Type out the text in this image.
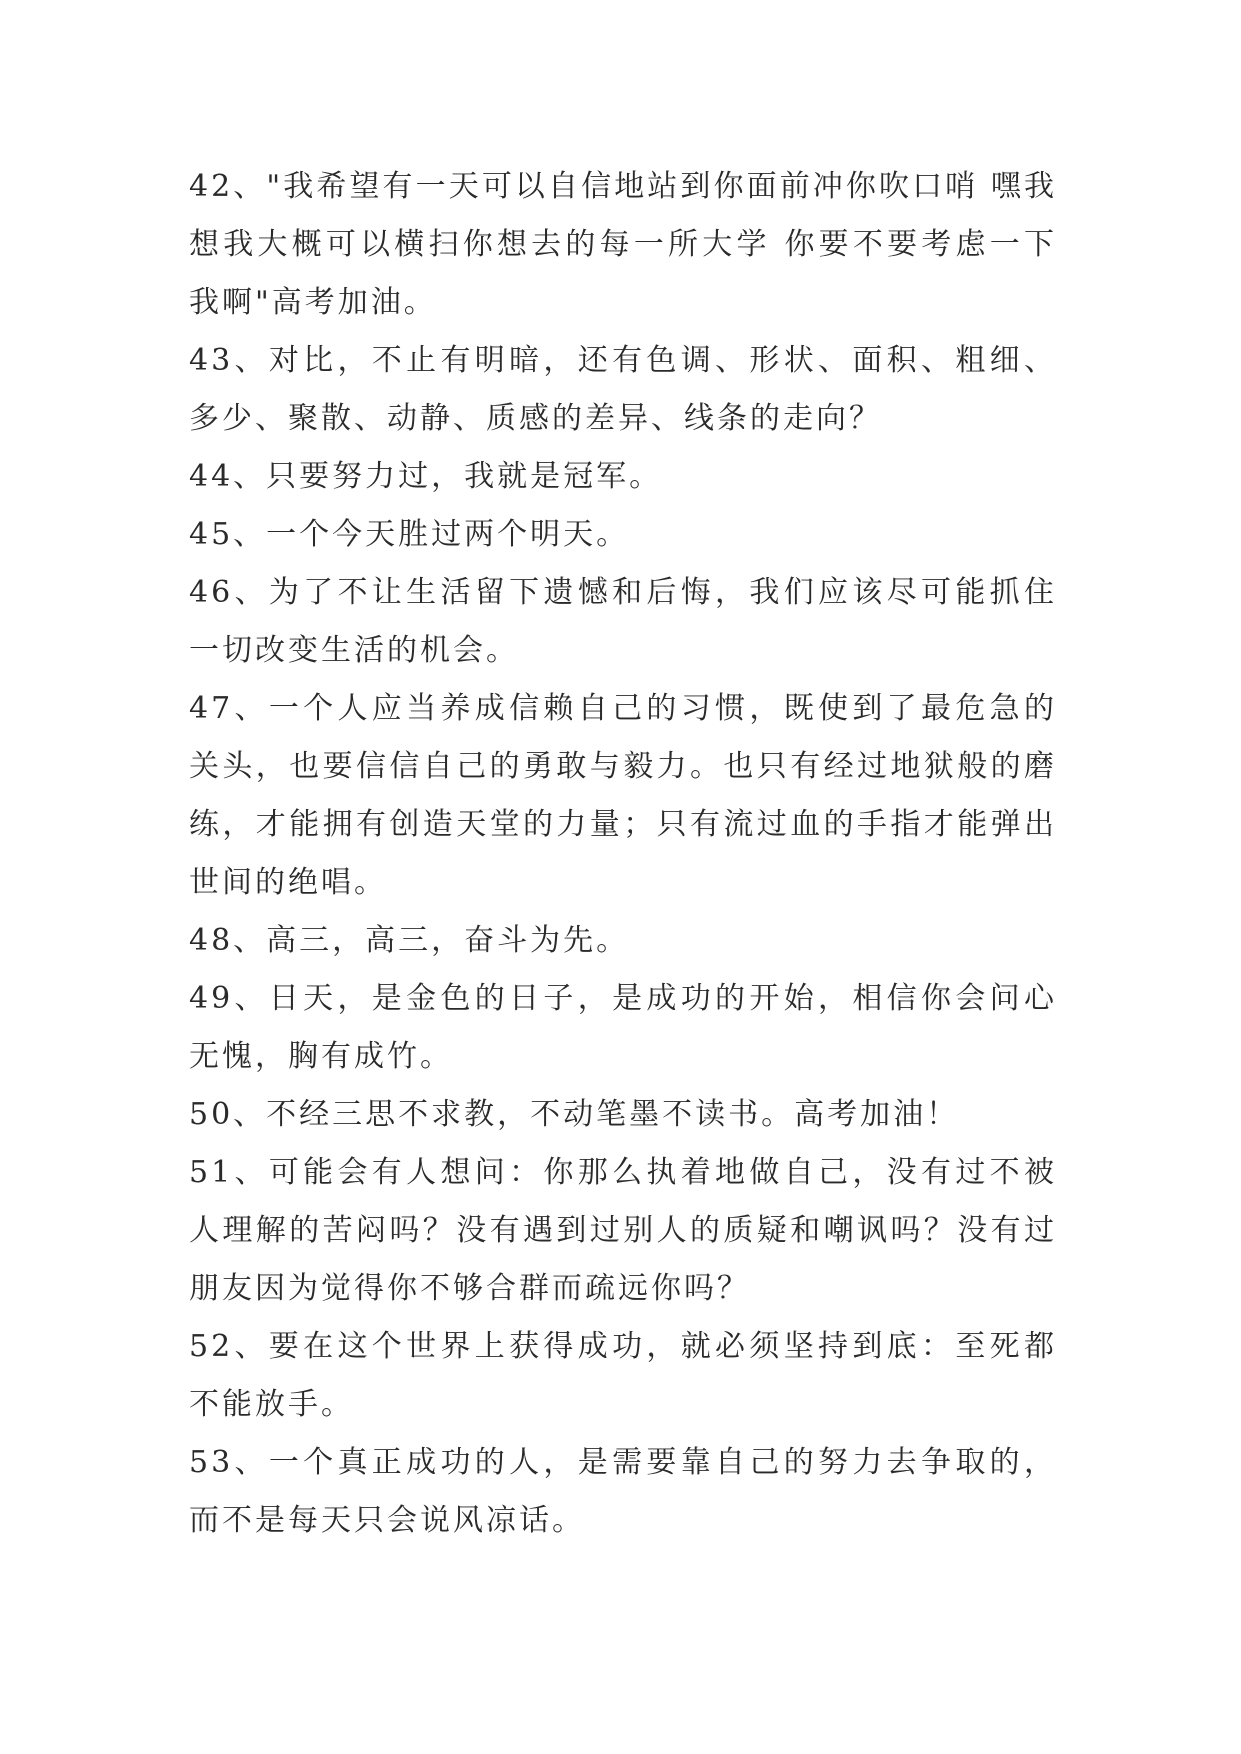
42、"我希望有一天可以自信地站到你面前冲你吹口哨 嘿我想我大概可以横扫你想去的每一所大学 你要不要考虑一下我啊"高考加油。

43、对比，不止有明暗，还有色调、形状、面积、粗细、多少、聚散、动静、质感的差异、线条的走向？

44、只要努力过，我就是冠军。

45、一个今天胜过两个明天。

46、为了不让生活留下遗憾和后悔，我们应该尽可能抓住一切改变生活的机会。

47、一个人应当养成信赖自己的习惯，既使到了最危急的关头，也要信信自己的勇敢与毅力。也只有经过地狱般的磨练，才能拥有创造天堂的力量；只有流过血的手指才能弹出世间的绝唱。

48、高三，高三，奋斗为先。

49、日天，是金色的日子，是成功的开始，相信你会问心无愧，胸有成竹。

50、不经三思不求教，不动笔墨不读书。高考加油！

51、可能会有人想问：你那么执着地做自己，没有过不被人理解的苦闷吗？没有遇到过别人的质疑和嘲讽吗？没有过朋友因为觉得你不够合群而疏远你吗？

52、要在这个世界上获得成功，就必须坚持到底：至死都不能放手。

53、一个真正成功的人，是需要靠自己的努力去争取的，而不是每天只会说风凉话。
